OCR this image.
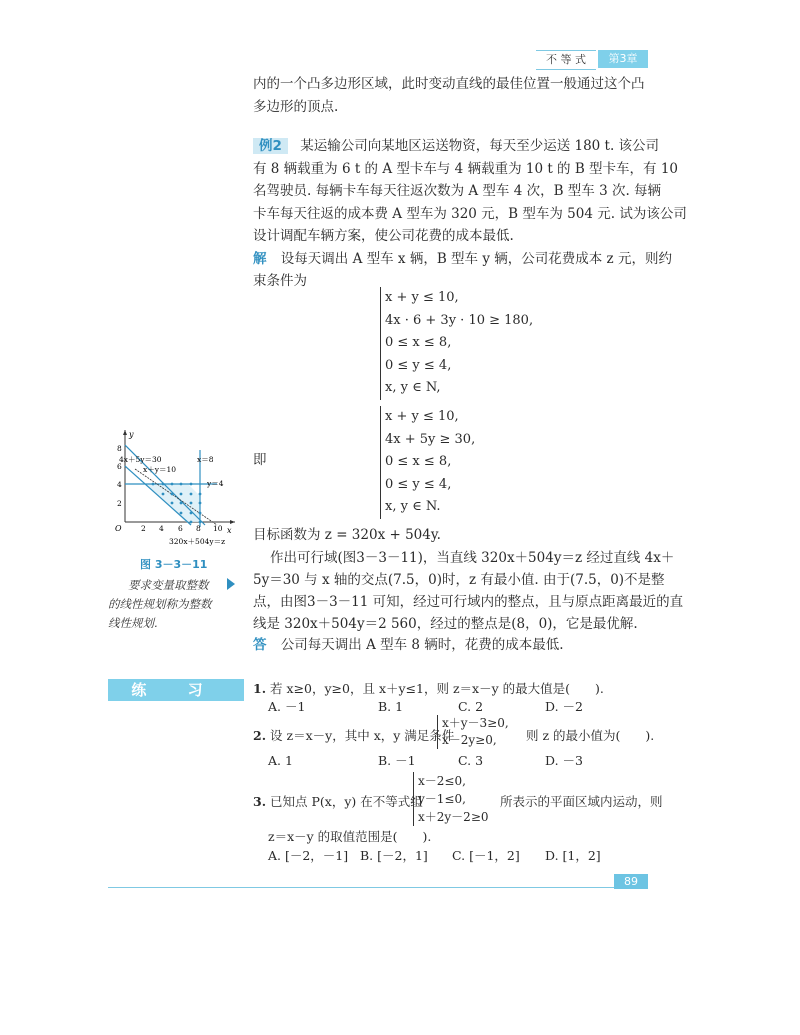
不 等 式	第3章
内的一个凸多边形区域，此时变动直线的最佳位置一般通过这个凸
多边形的顶点.
例2 某运输公司向某地区运送物资，每天至少运送 180 t. 该公司
有 8 辆载重为 6 t 的 A 型卡车与 4 辆载重为 10 t 的 B 型卡车，有 10
名驾驶员. 每辆卡车每天往返次数为 A 型车 4 次，B 型车 3 次. 每辆
卡车每天往返的成本费 A 型车为 320 元，B 型车为 504 元. 试为该公司
设计调配车辆方案，使公司花费的成本最低.
解 设每天调出 A 型车 x 辆，B 型车 y 辆，公司花费成本 z 元，则约
束条件为
x + y ≤ 10,
4x · 6 + 3y · 10 ≥ 180,
0 ≤ x ≤ 8,
0 ≤ y ≤ 4,
x, y ∈ N,
即
x + y ≤ 10,
4x + 5y ≥ 30,
0 ≤ x ≤ 8,
0 ≤ y ≤ 4,
x, y ∈ N.
目标函数为 z = 320x + 504y.
作出可行域(图3－3－11)，当直线 320x＋504y＝z 经过直线 4x＋
5y＝30 与 x 轴的交点(7.5，0)时，z 有最小值. 由于(7.5，0)不是整
点，由图3－3－11 可知，经过可行域内的整点，且与原点距离最近的直
线是 320x＋504y＝2 560，经过的整点是(8，0)，它是最优解.
答 公司每天调出 A 型车 8 辆时，花费的成本最低.
y
x
O
4x＋5y＝30
x＋y＝10
x＝8
y＝4
320x＋504y＝z
2 4 6 8 10
2
4
6
8
图 3－3－11
要求变量取整数
的线性规划称为整数
线性规划.
练 习	1. 若 x≥0，y≥0，且 x＋y≤1，则 z＝x－y 的最大值是(　　).
A. －1	B. 1	C. 2	D. －2
2. 设 z＝x－y，其中 x，y 满足条件
x＋y－3≥0,
x－2y≥0,	则 z 的最小值为(　　).
A. 1	B. －1	C. 3	D. －3
3. 已知点 P(x，y) 在不等式组
x－2≤0,
y－1≤0,
x＋2y－2≥0
所表示的平面区域内运动，则
z＝x－y 的取值范围是(　　).
A. [－2，－1] B. [－2，1] C. [－1，2] D. [1，2]
89
